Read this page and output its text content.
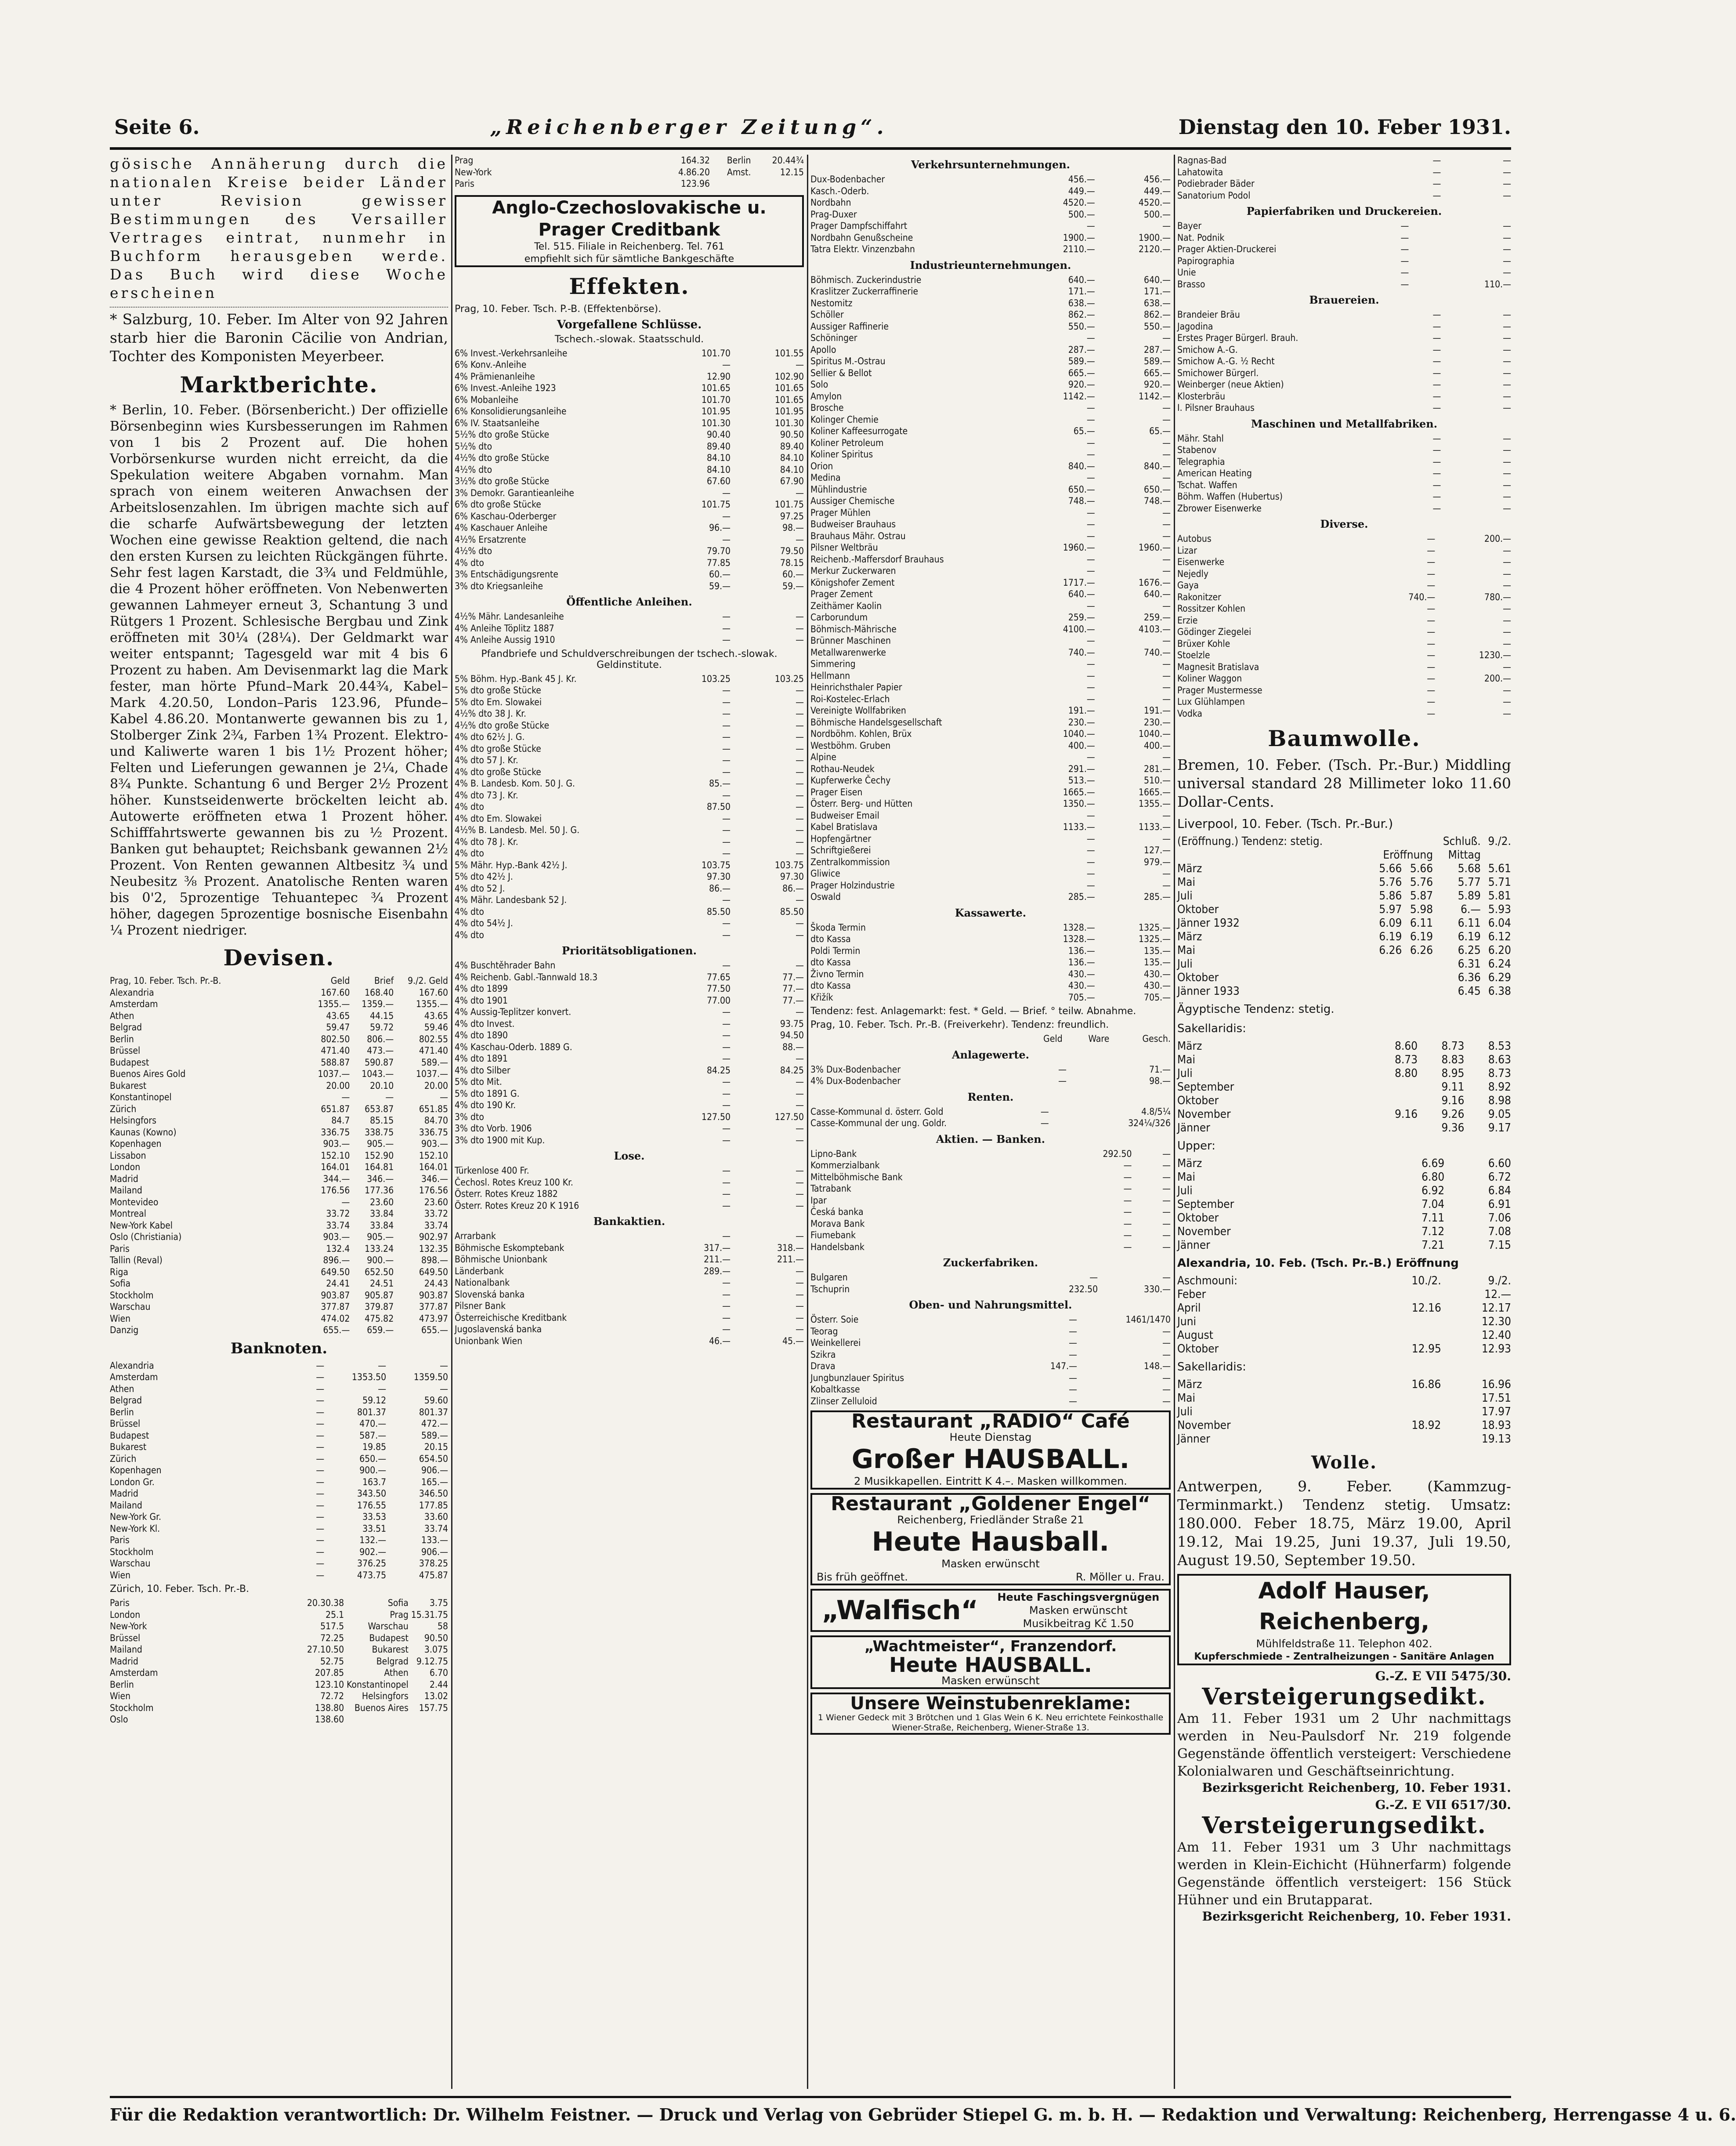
Seite 6.	„Reichenberger Zeitung“.	Dienstag den 10. Feber 1931.

gösische Annäherung durch die nationalen Kreise beider Länder unter Revision gewisser Bestimmungen des Versailler Vertrages eintrat, nunmehr in Buchform herausgeben werde. Das Buch wird diese Woche erscheinen

* Salzburg, 10. Feber. Im Alter von 92 Jahren starb hier die Baronin Cäcilie von Andrian, Tochter des Komponisten Meyerbeer.

Marktberichte.

* Berlin, 10. Feber. (Börsenbericht.) Der offizielle Börsenbeginn wies Kursbesserungen im Rahmen von 1 bis 2 Prozent auf. Die hohen Vorbörsenkurse wurden nicht erreicht, da die Spekulation weitere Abgaben vornahm. Man sprach von einem weiteren Anwachsen der Arbeitslosenzahlen. Im übrigen machte sich auf die scharfe Aufwärtsbewegung der letzten Wochen eine gewisse Reaktion geltend, die nach den ersten Kursen zu leichten Rückgängen führte. Sehr fest lagen Karstadt, die 3¾ und Feldmühle, die 4 Prozent höher eröffneten. Von Nebenwerten gewannen Lahmeyer erneut 3, Schantung 3 und Rütgers 1 Prozent. Schlesische Bergbau und Zink eröffneten mit 30¼ (28¼). Der Geldmarkt war weiter entspannt; Tagesgeld war mit 4 bis 6 Prozent zu haben. Am Devisenmarkt lag die Mark fester, man hörte Pfund–Mark 20.44¾, Kabel–Mark 4.20.50, London–Paris 123.96, Pfunde–Kabel 4.86.20. Montanwerte gewannen bis zu 1, Stolberger Zink 2¾, Farben 1¾ Prozent. Elektro- und Kaliwerte waren 1 bis 1½ Prozent höher; Felten und Lieferungen gewannen je 2¼, Chade 8¾ Punkte. Schantung 6 und Berger 2½ Prozent höher. Kunstseidenwerte bröckelten leicht ab. Autowerte eröffneten etwa 1 Prozent höher. Schifffahrtswerte gewannen bis zu ½ Prozent. Banken gut behauptet; Reichsbank gewannen 2½ Prozent. Von Renten gewannen Altbesitz ¾ und Neubesitz ⅜ Prozent. Anatolische Renten waren bis 0'2, 5prozentige Tehuantepec ¾ Prozent höher, dagegen 5prozentige bosnische Eisenbahn ¼ Prozent niedriger.

Devisen.
Prag, 10. Feber. Tsch. Pr.-B.	Geld	Brief	9./2. Geld
Alexandria	167.60	168.40	167.60
Amsterdam	1355.—	1359.—	1355.—
Athen	43.65	44.15	43.65
Belgrad	59.47	59.72	59.46
Berlin	802.50	806.—	802.55
Brüssel	471.40	473.—	471.40
Budapest	588.87	590.87	589.—
Buenos Aires Gold	1037.—	1043.—	1037.—
Bukarest	20.00	20.10	20.00
Konstantinopel	—	—	—
Zürich	651.87	653.87	651.85
Helsingfors	84.7	85.15	84.70
Kaunas (Kowno)	336.75	338.75	336.75
Kopenhagen	903.—	905.—	903.—
Lissabon	152.10	152.90	152.10
London	164.01	164.81	164.01
Madrid	344.—	346.—	346.—
Mailand	176.56	177.36	176.56
Montevideo	—	23.60	23.60
Montreal	33.72	33.84	33.72
New-York Kabel	33.74	33.84	33.74
Oslo (Christiania)	903.—	905.—	902.97
Paris	132.4	133.24	132.35
Tallin (Reval)	896.—	900.—	898.—
Riga	649.50	652.50	649.50
Sofia	24.41	24.51	24.43
Stockholm	903.87	905.87	903.87
Warschau	377.87	379.87	377.87
Wien	474.02	475.82	473.97
Danzig	655.—	659.—	655.—
Banknoten.
Alexandria	—	—	—
Amsterdam	—	1353.50	1359.50
Athen	—	—	—
Belgrad	—	59.12	59.60
Berlin	—	801.37	801.37
Brüssel	—	470.—	472.—
Budapest	—	587.—	589.—
Bukarest	—	19.85	20.15
Zürich	—	650.—	654.50
Kopenhagen	—	900.—	906.—
London Gr.	—	163.7	165.—
Madrid	—	343.50	346.50
Mailand	—	176.55	177.85
New-York Gr.	—	33.53	33.60
New-York Kl.	—	33.51	33.74
Paris	—	132.—	133.—
Stockholm	—	902.—	906.—
Warschau	—	376.25	378.25
Wien	—	473.75	475.87
Zürich, 10. Feber. Tsch. Pr.-B.
Paris	20.30.38	Sofia	3.75
London	25.1	Prag	15.31.75
New-York	517.5	Warschau	58
Brüssel	72.25	Budapest	90.50
Mailand	27.10.50	Bukarest	3.075
Madrid	52.75	Belgrad	9.12.75
Amsterdam	207.85	Athen	6.70
Berlin	123.10	Konstantinopel	2.44
Wien	72.72	Helsingfors	13.02
Stockholm	138.80	Buenos Aires	157.75
Oslo	138.60		
Prag	164.32	Berlin	20.44¾
New-York	4.86.20	Amst.	12.15
Paris	123.96		
Anglo-Czechoslovakische u. Prager Creditbank
Tel. 515. Filiale in Reichenberg. Tel. 761
empfiehlt sich für sämtliche Bankgeschäfte
Effekten.
Prag, 10. Feber. Tsch. P.-B. (Effektenbörse).
Vorgefallene Schlüsse.
Tschech.-slowak. Staatsschuld.
6% Invest.-Verkehrsanleihe	101.70	101.55
6% Konv.-Anleihe	—	—
4% Prämienanleihe	12.90	102.90
6% Invest.-Anleihe 1923	101.65	101.65
6% Mobanleihe	101.70	101.65
6% Konsolidierungsanleihe	101.95	101.95
6% IV. Staatsanleihe	101.30	101.30
5½% dto große Stücke	90.40	90.50
5½% dto	89.40	89.40
4½% dto große Stücke	84.10	84.10
4½% dto	84.10	84.10
3½% dto große Stücke	67.60	67.90
3% Demokr. Garantieanleihe	—	—
6% dto große Stücke	101.75	101.75
6% Kaschau-Oderberger	—	97.25
4% Kaschauer Anleihe	96.—	98.—
4½% Ersatzrente	—	—
4½% dto	79.70	79.50
4% dto	77.85	78.15
3% Entschädigungsrente	60.—	60.—
3% dto Kriegsanleihe	59.—	59.—
Öffentliche Anleihen.
4½% Mähr. Landesanleihe	—	—
4% Anleihe Töplitz 1887	—	—
4% Anleihe Aussig 1910	—	—
Pfandbriefe und Schuldverschreibungen der tschech.-slowak. Geldinstitute.
5% Böhm. Hyp.-Bank 45 J. Kr.	103.25	103.25
5% dto große Stücke	—	—
5% dto Em. Slowakei	—	—
4½% dto 38 J. Kr.	—	—
4½% dto große Stücke	—	—
4% dto 62½ J. G.	—	—
4% dto große Stücke	—	—
4% dto 57 J. Kr.	—	—
4% dto große Stücke	—	—
4% B. Landesb. Kom. 50 J. G.	85.—	—
4% dto 73 J. Kr.	—	—
4% dto	87.50	—
4% dto Em. Slowakei	—	—
4½% B. Landesb. Mel. 50 J. G.	—	—
4% dto 78 J. Kr.	—	—
4% dto	—	—
5% Mähr. Hyp.-Bank 42½ J.	103.75	103.75
5% dto 42½ J.	97.30	97.30
4% dto 52 J.	86.—	86.—
4% Mähr. Landesbank 52 J.	—	—
4% dto	85.50	85.50
4% dto 54½ J.	—	—
4% dto	—	—
Prioritätsobligationen.
4% Buschtěhrader Bahn	—	—
4% Reichenb. Gabl.-Tannwald 18.3	77.65	77.—
4% dto 1899	77.50	77.—
4% dto 1901	77.00	77.—
4% Aussig-Teplitzer konvert.	—	—
4% dto Invest.	—	93.75
4% dto 1890	—	94.50
4% Kaschau-Oderb. 1889 G.	—	88.—
4% dto 1891	—	—
4% dto Silber	84.25	84.25
5% dto Mit.	—	—
5% dto 1891 G.	—	—
4% dto 190 Kr.	—	—
3% dto	127.50	127.50
3% dto Vorb. 1906	—	—
3% dto 1900 mit Kup.	—	—
Lose.
Türkenlose 400 Fr.	—	—
Čechosl. Rotes Kreuz 100 Kr.	—	—
Österr. Rotes Kreuz 1882	—	—
Österr. Rotes Kreuz 20 K 1916	—	—
Bankaktien.
Arrarbank	—	—
Böhmische Eskomptebank	317.—	318.—
Böhmische Unionbank	211.—	211.—
Länderbank	289.—	—
Nationalbank	—	—
Slovenská banka	—	—
Pilsner Bank	—	—
Österreichische Kreditbank	—	—
Jugoslavenská banka	—	—
Unionbank Wien	46.—	45.—
Verkehrsunternehmungen.
Dux-Bodenbacher	456.—	456.—
Kasch.-Oderb.	449.—	449.—
Nordbahn	4520.—	4520.—
Prag-Duxer	500.—	500.—
Prager Dampfschiffahrt	—	—
Nordbahn Genußscheine	1900.—	1900.—
Tatra Elektr. Vinzenzbahn	2110.—	2120.—
Industrieunternehmungen.
Böhmisch. Zuckerindustrie	640.—	640.—
Kraslitzer Zuckerraffinerie	171.—	171.—
Nestomitz	638.—	638.—
Schöller	862.—	862.—
Aussiger Raffinerie	550.—	550.—
Schöninger	—	—
Apollo	287.—	287.—
Spiritus M.-Ostrau	589.—	589.—
Sellier & Bellot	665.—	665.—
Solo	920.—	920.—
Amylon	1142.—	1142.—
Brosche	—	—
Kolinger Chemie	—	—
Koliner Kaffeesurrogate	65.—	65.—
Koliner Petroleum	—	—
Koliner Spiritus	—	—
Orion	840.—	840.—
Medina	—	—
Mühlindustrie	650.—	650.—
Aussiger Chemische	748.—	748.—
Prager Mühlen	—	—
Budweiser Brauhaus	—	—
Brauhaus Mähr. Ostrau	—	—
Pilsner Weltbräu	1960.—	1960.—
Reichenb.-Maffersdorf Brauhaus	—	—
Merkur Zuckerwaren	—	—
Königshofer Zement	1717.—	1676.—
Prager Zement	640.—	640.—
Zeithämer Kaolin	—	—
Carborundum	259.—	259.—
Böhmisch-Mährische	4100.—	4103.—
Brünner Maschinen	—	—
Metallwarenwerke	740.—	740.—
Simmering	—	—
Hellmann	—	—
Heinrichsthaler Papier	—	—
Roi-Kostelec-Erlach	—	—
Vereinigte Wollfabriken	191.—	191.—
Böhmische Handelsgesellschaft	230.—	230.—
Nordböhm. Kohlen, Brüx	1040.—	1040.—
Westböhm. Gruben	400.—	400.—
Alpine	—	—
Rothau-Neudek	291.—	281.—
Kupferwerke Čechy	513.—	510.—
Prager Eisen	1665.—	1665.—
Österr. Berg- und Hütten	1350.—	1355.—
Budweiser Email	—	—
Kabel Bratislava	1133.—	1133.—
Hopfengärtner	—	—
Schriftgießerei	—	127.—
Zentralkommission	—	979.—
Gliwice	—	—
Prager Holzindustrie	—	—
Oswald	285.—	285.—
Kassawerte.
Škoda Termin	1328.—	1325.—
dto Kassa	1328.—	1325.—
Poldi Termin	136.—	135.—
dto Kassa	136.—	135.—
Živno Termin	430.—	430.—
dto Kassa	430.—	430.—
Křižík	705.—	705.—
Tendenz: fest. Anlagemarkt: fest. * Geld. — Brief. ° teilw. Abnahme.
Prag, 10. Feber. Tsch. Pr.-B. (Freiverkehr). Tendenz: freundlich.
	Geld	Ware	Gesch.
Anlagewerte.
3% Dux-Bodenbacher	—	71.—
4% Dux-Bodenbacher	—	98.—
Renten.
Casse-Kommunal d. österr. Gold	—	4.8/5¼
Casse-Kommunal der ung. Goldr.	—	324¼/326
Aktien. — Banken.
Lipno-Bank	292.50	—
Kommerzialbank	—	—
Mittelböhmische Bank	—	—
Tatrabank	—	—
Ipar	—	—
Česká banka	—	—
Morava Bank	—	—
Fiumebank	—	—
Handelsbank	—	—
Zuckerfabriken.
Bulgaren	—	—
Tschuprin	232.50	330.—
Oben- und Nahrungsmittel.
Österr. Soie	—	1461/1470
Teorag	—	—
Weinkellerei	—	—
Szikra	—	—
Drava	147.—	148.—
Jungbunzlauer Spiritus	—	—
Kobaltkasse	—	—
Zlinser Zelluloid	—	—
Restaurant „RADIO“ Café
Heute Dienstag
Großer HAUSBALL.
2 Musikkapellen. Eintritt K 4.–. Masken willkommen.
Restaurant „Goldener Engel“
Reichenberg, Friedländer Straße 21
Heute Hausball.
Masken erwünscht
Bis früh geöffnet.	R. Möller u. Frau.
„Walfisch“ Heute Faschingsvergnügen
Masken erwünscht
Musikbeitrag Kč 1.50
„Wachtmeister“, Franzendorf.
Heute HAUSBALL.
Masken erwünscht
Unsere Weinstubenreklame:
1 Wiener Gedeck mit 3 Brötchen und 1 Glas Wein 6 K. Neu errichtete Feinkosthalle Wiener-Straße, Reichenberg, Wiener-Straße 13.
Ragnas-Bad	—	—
Lahatowita	—	—
Podiebrader Bäder	—	—
Sanatorium Podol	—	—
Papierfabriken und Druckereien.
Bayer	—	—
Nat. Podnik	—	—
Prager Aktien-Druckerei	—	—
Papirographia	—	—
Unie	—	—
Brasso	—	110.—
Brauereien.
Brandeier Bräu	—	—
Jagodina	—	—
Erstes Prager Bürgerl. Brauh.	—	—
Smichow A.-G.	—	—
Smichow A.-G. ½ Recht	—	—
Smichower Bürgerl.	—	—
Weinberger (neue Aktien)	—	—
Klosterbräu	—	—
I. Pilsner Brauhaus	—	—
Maschinen und Metallfabriken.
Mähr. Stahl	—	—
Stabenov	—	—
Telegraphia	—	—
American Heating	—	—
Tschat. Waffen	—	—
Böhm. Waffen (Hubertus)	—	—
Zbrower Eisenwerke	—	—
Diverse.
Autobus	—	200.—
Lizar	—	—
Eisenwerke	—	—
Nejedly	—	—
Gaya	—	—
Rakonitzer	740.—	780.—
Rossitzer Kohlen	—	—
Erzie	—	—
Gödinger Ziegelei	—	—
Brüxer Kohle	—	—
Stoelzle	—	1230.—
Magnesit Bratislava	—	—
Koliner Waggon	—	200.—
Prager Mustermesse	—	—
Lux Glühlampen	—	—
Vodka	—	—
Baumwolle.

Bremen, 10. Feber. (Tsch. Pr.-Bur.) Middling universal standard 28 Millimeter loko 11.60 Dollar-Cents.

Liverpool, 10. Feber. (Tsch. Pr.-Bur.)
(Eröffnung.) Tendenz: stetig.			Schluß.	9./2.
	Eröffnung		Mittag	
März	5.66	5.66	5.68	5.61
Mai	5.76	5.76	5.77	5.71
Juli	5.86	5.87	5.89	5.81
Oktober	5.97	5.98	6.—	5.93
Jänner 1932	6.09	6.11	6.11	6.04
März	6.19	6.19	6.19	6.12
Mai	6.26	6.26	6.25	6.20
Juli			6.31	6.24
Oktober			6.36	6.29
Jänner 1933			6.45	6.38
Ägyptische Tendenz: stetig.
Sakellaridis:
März	8.60	8.73	8.53
Mai	8.73	8.83	8.63
Juli	8.80	8.95	8.73
September		9.11	8.92
Oktober		9.16	8.98
November	9.16	9.26	9.05
Jänner		9.36	9.17
Upper:
März		6.69	6.60
Mai		6.80	6.72
Juli		6.92	6.84
September		7.04	6.91
Oktober		7.11	7.06
November		7.12	7.08
Jänner		7.21	7.15
Alexandria, 10. Feb. (Tsch. Pr.-B.) Eröffnung
Aschmouni:	10./2.	9./2.
Feber		12.—
April	12.16	12.17
Juni		12.30
August		12.40
Oktober	12.95	12.93
Sakellaridis:
März	16.86	16.96
Mai		17.51
Juli		17.97
November	18.92	18.93
Jänner		19.13
Wolle.

Antwerpen, 9. Feber. (Kammzug-Terminmarkt.) Tendenz stetig. Umsatz: 180.000. Feber 18.75, März 19.00, April 19.12, Mai 19.25, Juni 19.37, Juli 19.50, August 19.50, September 19.50.

Adolf Hauser, Reichenberg,
Mühlfeldstraße 11. Telephon 402.
Kupferschmiede - Zentralheizungen - Sanitäre Anlagen
G.-Z. E VII 5475/30.
Versteigerungsedikt.
Am 11. Feber 1931 um 2 Uhr nachmittags werden in Neu-Paulsdorf Nr. 219 folgende Gegenstände öffentlich versteigert: Verschiedene Kolonialwaren und Geschäftseinrichtung.
Bezirksgericht Reichenberg, 10. Feber 1931.
G.-Z. E VII 6517/30.
Versteigerungsedikt.
Am 11. Feber 1931 um 3 Uhr nachmittags werden in Klein-Eichicht (Hühnerfarm) folgende Gegenstände öffentlich versteigert: 156 Stück Hühner und ein Brutapparat.
Bezirksgericht Reichenberg, 10. Feber 1931.
Für die Redaktion verantwortlich: Dr. Wilhelm Feistner. — Druck und Verlag von Gebrüder Stiepel G. m. b. H. — Redaktion und Verwaltung: Reichenberg, Herrengasse 4 u. 6.
